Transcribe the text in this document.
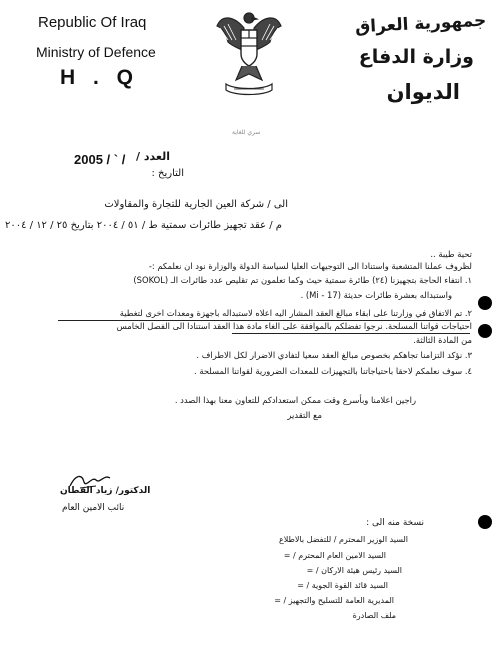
Republic Of Iraq
Ministry of Defence
H . Q
جمهورية العراق
وزارة الدفاع
الديوان
سري للغاية
العدد /
2005 / ` /
التاريخ :
الى / شركة العين الجارية للتجارة والمقاولات
م / عقد تجهيز طائرات سمتية ط / ٥١ / ٢٠٠٤ بتاريخ ٢٥ / ١٢ / ٢٠٠٤
تحية طيبة ..
لظروف عملنا المتشعبة واستنادا الى التوجيهات العليا لسياسة الدولة والوزارة نود ان نعلمكم :-
١. انتفاء الحاجة بتجهيزنا (٢٤) طائرة سمتية حيث وكما تعلمون تم تقليص عدد طائرات الـ (SOKOL)
واستبداله بعشرة طائرات حديثة (Mi - 17) .
٢. تم الاتفاق في وزارتنا على ابقاء مبالغ العقد المشار اليه اعلاه لاستبداله باجهزة ومعدات اخرى لتغطية
احتياجات قواتنا المسلحة. نرجوا تفضلكم بالموافقة على الغاء مادة هذا العقد استنادا الى الفصل الخامس
من المادة الثالثة.
٣. نؤكد التزامنا تجاهكم بخصوص مبالغ العقد سعيا لتفادي الاضرار لكل الاطراف .
٤. سوف نعلمكم لاحقا باحتياجاتنا بالتجهيزات للمعدات الضرورية لقواتنا المسلحة .
راجين اعلامنا وبأسرع وقت ممكن استعدادكم للتعاون معنا بهذا الصدد .
مع التقدير
الدكتور/ زياد القطان
نائب الامين العام
نسخة منه الى :
السيد الوزير المحترم / للتفضل بالاطلاع
السيد الامين العام المحترم / =
السيد رئيس هيئة الاركان / =
السيد قائد القوة الجوية / =
المديرية العامة للتسليح والتجهيز / =
ملف الصادرة
